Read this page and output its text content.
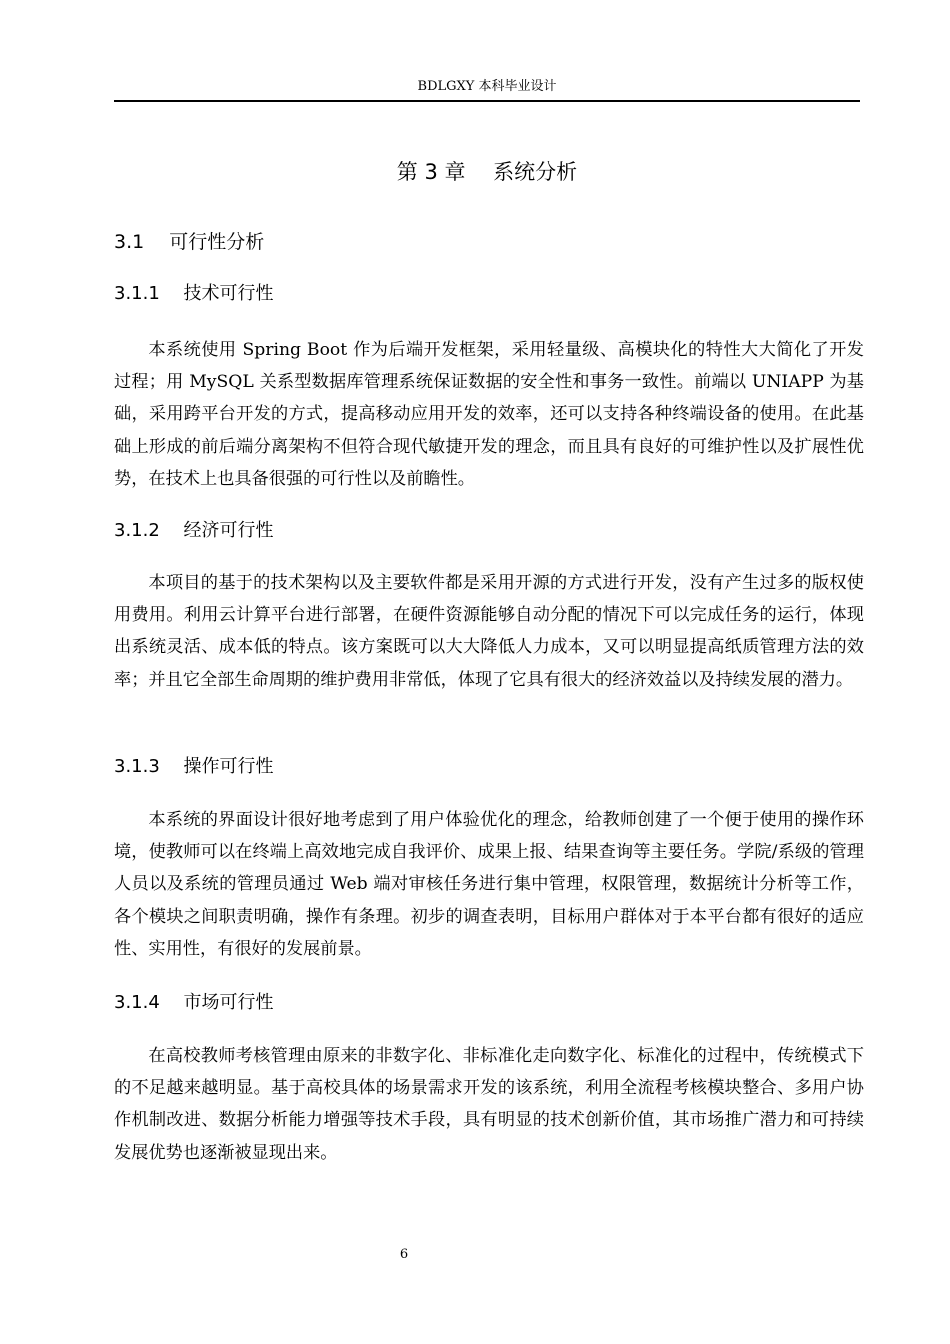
BDLGXY 本科毕业设计
第 3 章　 系统分析
3.1　 可行性分析
3.1.1　 技术可行性

本系统使用 Spring Boot 作为后端开发框架，采用轻量级、高模块化的特性大大简化了开发过程；用 MySQL 关系型数据库管理系统保证数据的安全性和事务一致性。前端以 UNIAPP 为基础，采用跨平台开发的方式，提高移动应用开发的效率，还可以支持各种终端设备的使用。在此基础上形成的前后端分离架构不但符合现代敏捷开发的理念，而且具有良好的可维护性以及扩展性优势，在技术上也具备很强的可行性以及前瞻性。

3.1.2　 经济可行性

本项目的基于的技术架构以及主要软件都是采用开源的方式进行开发，没有产生过多的版权使用费用。利用云计算平台进行部署，在硬件资源能够自动分配的情况下可以完成任务的运行，体现出系统灵活、成本低的特点。该方案既可以大大降低人力成本，又可以明显提高纸质管理方法的效率；并且它全部生命周期的维护费用非常低，体现了它具有很大的经济效益以及持续发展的潜力。

3.1.3　 操作可行性

本系统的界面设计很好地考虑到了用户体验优化的理念，给教师创建了一个便于使用的操作环境，使教师可以在终端上高效地完成自我评价、成果上报、结果查询等主要任务。学院/系级的管理人员以及系统的管理员通过 Web 端对审核任务进行集中管理，权限管理，数据统计分析等工作，各个模块之间职责明确，操作有条理。初步的调查表明，目标用户群体对于本平台都有很好的适应性、实用性，有很好的发展前景。

3.1.4　 市场可行性

在高校教师考核管理由原来的非数字化、非标准化走向数字化、标准化的过程中，传统模式下的不足越来越明显。基于高校具体的场景需求开发的该系统，利用全流程考核模块整合、多用户协作机制改进、数据分析能力增强等技术手段，具有明显的技术创新价值，其市场推广潜力和可持续发展优势也逐渐被显现出来。

6
